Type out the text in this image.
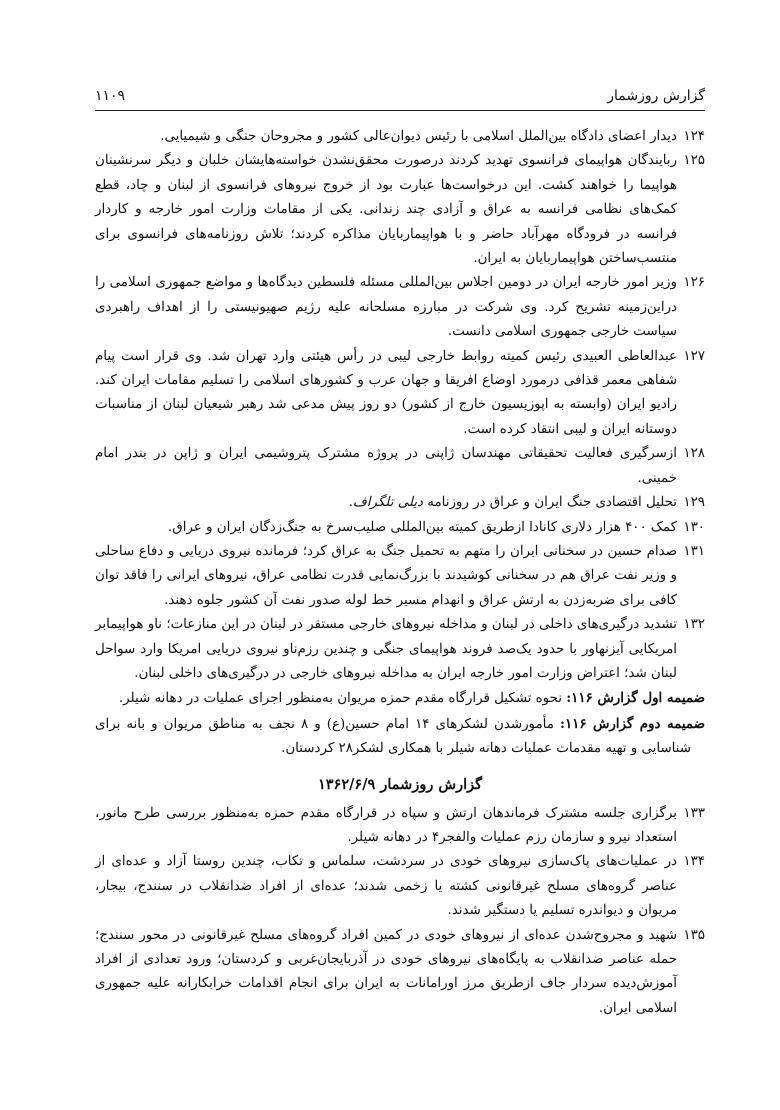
گزارش روزشمار
۱۱۰۹
۱۲۴
دیدار اعضای دادگاه بین‌الملل اسلامی با رئیس دیوان‌عالی کشور و مجروحان جنگی و شیمیایی.
۱۲۵
ربایندگان هواپیمای فرانسوی تهدید کردند درصورت محقق‌نشدن خواسته‌هایشان خلبان و دیگر سرنشینان هواپیما را خواهند کشت. این درخواست‌ها عبارت بود از خروج نیروهای فرانسوی از لبنان و چاد، قطع کمک‌های نظامی فرانسه به عراق و آزادی چند زندانی. یکی از مقامات وزارت امور خارجه و کاردار فرانسه در فرودگاه مهرآباد حاضر و با هواپیماربایان مذاکره کردند؛ تلاش روزنامه‌های فرانسوی برای منتسب‌ساختن هواپیماربایان به ایران.
۱۲۶
وزیر امور خارجه ایران در دومین اجلاس بین‌المللی مسئله فلسطین دیدگاه‌ها و مواضع جمهوری اسلامی را دراین‌زمینه تشریح کرد. وی شرکت در مبارزه مسلحانه علیه رژیم صهیونیستی را از اهداف راهبردی سیاست خارجی جمهوری اسلامی دانست.
۱۲۷
عبدالعاطی العبیدی رئیس کمیته روابط خارجی لیبی در رأس هیئتی وارد تهران شد. وی قرار است پیام شفاهی معمر قذافی درمورد اوضاع افریقا و جهان عرب و کشورهای اسلامی را تسلیم مقامات ایران کند. رادیو ایران (وابسته به اپوزیسیون خارج از کشور) دو روز پیش مدعی شد رهبر شیعیان لبنان از مناسبات دوستانه ایران و لیبی انتقاد کرده است.
۱۲۸
ازسرگیری فعالیت تحقیقاتی مهندسان ژاپنی در پروژه مشترک پتروشیمی ایران و ژاپن در بندر امام خمینی.
۱۲۹
تحلیل اقتصادی جنگ ایران و عراق در روزنامه دیلی تلگراف.
۱۳۰
کمک ۴۰۰ هزار دلاری کانادا ازطریق کمیته بین‌المللی صلیب‌سرخ به جنگ‌زدگان ایران و عراق.
۱۳۱
صدام حسین در سخنانی ایران را متهم به تحمیل جنگ به عراق کرد؛ فرمانده نیروی دریایی و دفاع ساحلی و وزیر نفت عراق هم در سخنانی کوشیدند با بزرگ‌نمایی قدرت نظامی عراق، نیروهای ایرانی را فاقد توان کافی برای ضربه‌زدن به ارتش عراق و انهدام مسیر خط لوله صدور نفت آن کشور جلوه دهند.
۱۳۲
تشدید درگیری‌های داخلی در لبنان و مداخله نیروهای خارجی مستقر در لبنان در این منازعات؛ ناو هواپیمابر امریکایی آیزنهاور با حدود یک‌صد فروند هواپیمای جنگی و چندین رزم‌ناو نیروی دریایی امریکا وارد سواحل لبنان شد؛ اعتراض وزارت امور خارجه ایران به مداخله نیروهای خارجی در درگیری‌های داخلی لبنان.
ضمیمه اول گزارش ۱۱۶: نحوه تشکیل قرارگاه مقدم حمزه مریوان به‌منظور اجرای عملیات در دهانه شیلر.
ضمیمه دوم گزارش ۱۱۶: مأمورشدن لشکرهای ۱۴ امام حسین(ع) و ۸ نجف به مناطق مریوان و بانه برای شناسایی و تهیه مقدمات عملیات دهانه شیلر با همکاری لشکر۲۸ کردستان.
گزارش روزشمار ۱۳۶۲/۶/۹
۱۳۳
برگزاری جلسه مشترک فرماندهان ارتش و سپاه در قرارگاه مقدم حمزه به‌منظور بررسی طرح مانور، استعداد نیرو و سازمان رزم عملیات والفجر۴ در دهانه شیلر.
۱۳۴
در عملیات‌های پاک‌سازی نیروهای خودی در سردشت، سلماس و تکاب، چندین روستا آزاد و عده‌ای از عناصر گروه‌های مسلح غیرقانونی کشته یا زخمی شدند؛ عده‌ای از افراد ضدانقلاب در سنندج، بیجار، مریوان و دیواندره تسلیم یا دستگیر شدند.
۱۳۵
شهید و مجروح‌شدن عده‌ای از نیروهای خودی در کمین افراد گروه‌های مسلح غیرقانونی در محور سنندج؛ حمله عناصر ضدانقلاب به پایگاه‌های نیروهای خودی در آذربایجان‌غربی و کردستان؛ ورود تعدادی از افراد آموزش‌دیده سردار جاف ازطریق مرز اورامانات به ایران برای انجام اقدامات خرابکارانه علیه جمهوری اسلامی ایران.
